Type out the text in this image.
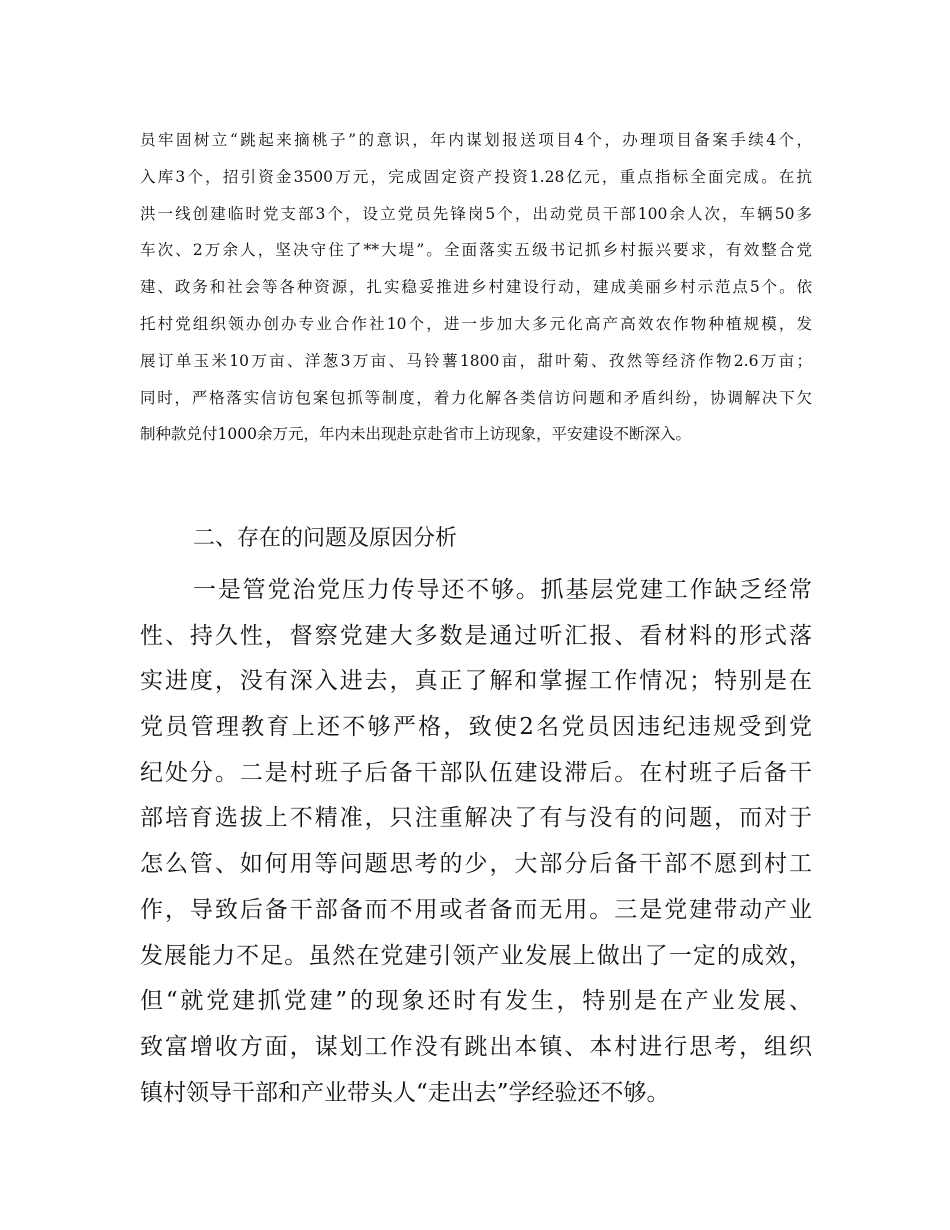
员牢固树立“跳起来摘桃子”的意识，年内谋划报送项目4个，办理项目备案手续4个，
入库3个，招引资金3500万元，完成固定资产投资1.28亿元，重点指标全面完成。在抗
洪一线创建临时党支部3个，设立党员先锋岗5个，出动党员干部100余人次，车辆50多
车次、2万余人，坚决守住了**大堤”。全面落实五级书记抓乡村振兴要求，有效整合党
建、政务和社会等各种资源，扎实稳妥推进乡村建设行动，建成美丽乡村示范点5个。依
托村党组织领办创办专业合作社10个，进一步加大多元化高产高效农作物种植规模，发
展订单玉米10万亩、洋葱3万亩、马铃薯1800亩，甜叶菊、孜然等经济作物2.6万亩；
同时，严格落实信访包案包抓等制度，着力化解各类信访问题和矛盾纠纷，协调解决下欠
制种款兑付1000余万元，年内未出现赴京赴省市上访现象，平安建设不断深入。
二、存在的问题及原因分析
一是管党治党压力传导还不够。抓基层党建工作缺乏经常
性、持久性，督察党建大多数是通过听汇报、看材料的形式落
实进度，没有深入进去，真正了解和掌握工作情况；特别是在
党员管理教育上还不够严格，致使2名党员因违纪违规受到党
纪处分。二是村班子后备干部队伍建设滞后。在村班子后备干
部培育选拔上不精准，只注重解决了有与没有的问题，而对于
怎么管、如何用等问题思考的少，大部分后备干部不愿到村工
作，导致后备干部备而不用或者备而无用。三是党建带动产业
发展能力不足。虽然在党建引领产业发展上做出了一定的成效，
但“就党建抓党建”的现象还时有发生，特别是在产业发展、
致富增收方面，谋划工作没有跳出本镇、本村进行思考，组织
镇村领导干部和产业带头人“走出去”学经验还不够。
